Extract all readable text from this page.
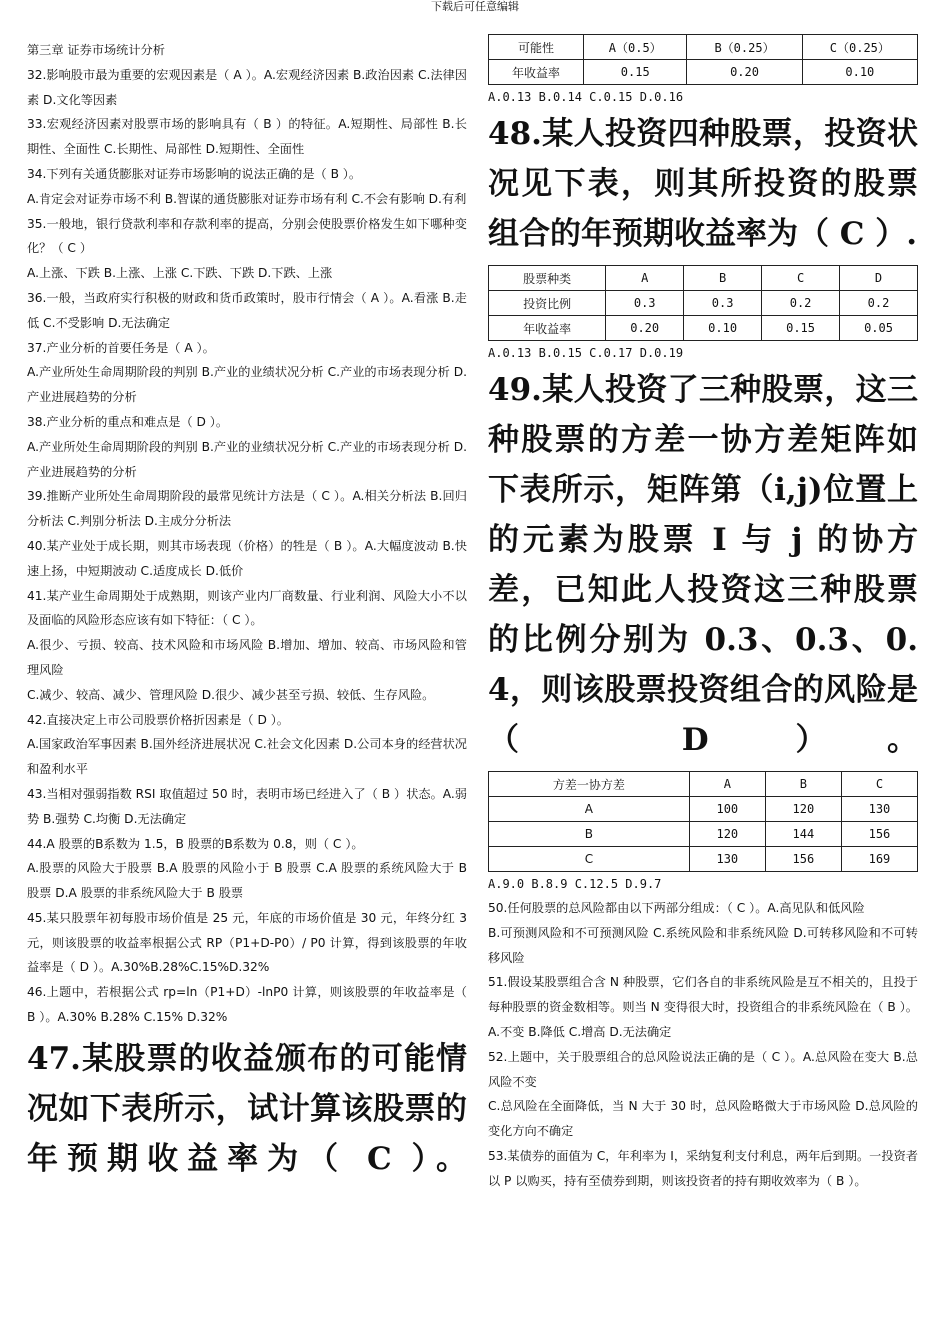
下载后可任意编辑

第三章 证券市场统计分析

32.影响股市最为重要的宏观因素是（ A ）。A.宏观经济因素 B.政治因素 C.法律因素 D.文化等因素

33.宏观经济因素对股票市场的影响具有（ B ）的特征。A.短期性、局部性 B.长期性、全面性 C.长期性、局部性 D.短期性、全面性

34.下列有关通货膨胀对证券市场影响的说法正确的是（ B ）。

A.肯定会对证券市场不利 B.智谋的通货膨胀对证券市场有利 C.不会有影响 D.有利

35.一般地，银行贷款利率和存款利率的提高，分别会使股票价格发生如下哪种变化？（ C ）

A.上涨、下跌 B.上涨、上涨 C.下跌、下跌 D.下跌、上涨

36.一般，当政府实行积极的财政和货币政策时，股市行情会（ A ）。A.看涨 B.走低 C.不受影响 D.无法确定

37.产业分析的首要任务是（ A ）。

A.产业所处生命周期阶段的判别 B.产业的业绩状况分析 C.产业的市场表现分析 D.产业进展趋势的分析

38.产业分析的重点和难点是（ D ）。

A.产业所处生命周期阶段的判别 B.产业的业绩状况分析 C.产业的市场表现分析 D.产业进展趋势的分析

39.推断产业所处生命周期阶段的最常见统计方法是（ C ）。A.相关分析法 B.回归分析法 C.判别分析法 D.主成分分析法

40.某产业处于成长期，则其市场表现（价格）的牲是（ B ）。A.大幅度波动 B.快速上扬，中短期波动 C.适度成长 D.低价

41.某产业生命周期处于成熟期，则该产业内厂商数量、行业利润、风险大小不以及面临的风险形态应该有如下特征：（ C ）。

A.很少、亏损、较高、技术风险和市场风险 B.增加、增加、较高、市场风险和管理风险

C.减少、较高、减少、管理风险 D.很少、减少甚至亏损、较低、生存风险。

42.直接决定上市公司股票价格折因素是（ D ）。

A.国家政治军事因素 B.国外经济进展状况 C.社会文化因素 D.公司本身的经营状况和盈利水平

43.当相对强弱指数 RSI 取值超过 50 时，表明市场已经进入了（ B ）状态。A.弱势 B.强势 C.均衡 D.无法确定

44.A 股票的Β系数为 1.5，B 股票的Β系数为 0.8，则（ C ）。

A.股票的风险大于股票 B.A 股票的风险小于 B 股票 C.A 股票的系统风险大于 B 股票 D.A 股票的非系统风险大于 B 股票

45.某只股票年初每股市场价值是 25 元，年底的市场价值是 30 元，年终分红 3 元，则该股票的收益率根据公式 RP（P1+D-P0）/ P0 计算，得到该股票的年收益率是（ D ）。A.30%B.28%C.15%D.32%

46.上题中，若根据公式 rp=ln（P1+D）-lnP0 计算，则该股票的年收益率是（ B ）。A.30% B.28% C.15% D.32%

47.某股票的收益颁布的可能情况如下表所示，试计算该股票的年预期收益率为（ C ）。

可能性	A（0.5）	B（0.25）	C（0.25）
年收益率	0.15	0.20	0.10

A.0.13 B.0.14 C.0.15 D.0.16

48.某人投资四种股票，投资状况见下表，则其所投资的股票组合的年预期收益率为（ C ）.

股票种类	A	B	C	D
投资比例	0.3	0.3	0.2	0.2
年收益率	0.20	0.10	0.15	0.05

A.0.13 B.0.15 C.0.17 D.0.19

49.某人投资了三种股票，这三种股票的方差一协方差矩阵如下表所示，矩阵第（i,j)位置上的元素为股票 I 与 j 的协方差，已知此人投资这三种股票的比例分别为 0.3、0.3、0.4，则该股票投资组合的风险是（ D ）。

方差一协方差	A	B	C
A	100	120	130
B	120	144	156
C	130	156	169

A.9.0 B.8.9 C.12.5 D.9.7

50.任何股票的总风险都由以下两部分组成：（ C ）。A.高见队和低风险

B.可预测风险和不可预测风险 C.系统风险和非系统风险 D.可转移风险和不可转移风险

51.假设某股票组合含 N 种股票，它们各自的非系统风险是互不相关的，且投于每种股票的资金数相等。则当 N 变得很大时，投资组合的非系统风险在（ B ）。A.不变 B.降低 C.增高 D.无法确定

52.上题中，关于股票组合的总风险说法正确的是（ C ）。A.总风险在变大 B.总风险不变

C.总风险在全面降低，当 N 大于 30 时，总风险略微大于市场风险 D.总风险的变化方向不确定

53.某债券的面值为 C，年利率为 I，采纳复利支付利息，两年后到期。一投资者以 P 以购买，持有至债券到期，则该投资者的持有期收效率为（ B ）。
